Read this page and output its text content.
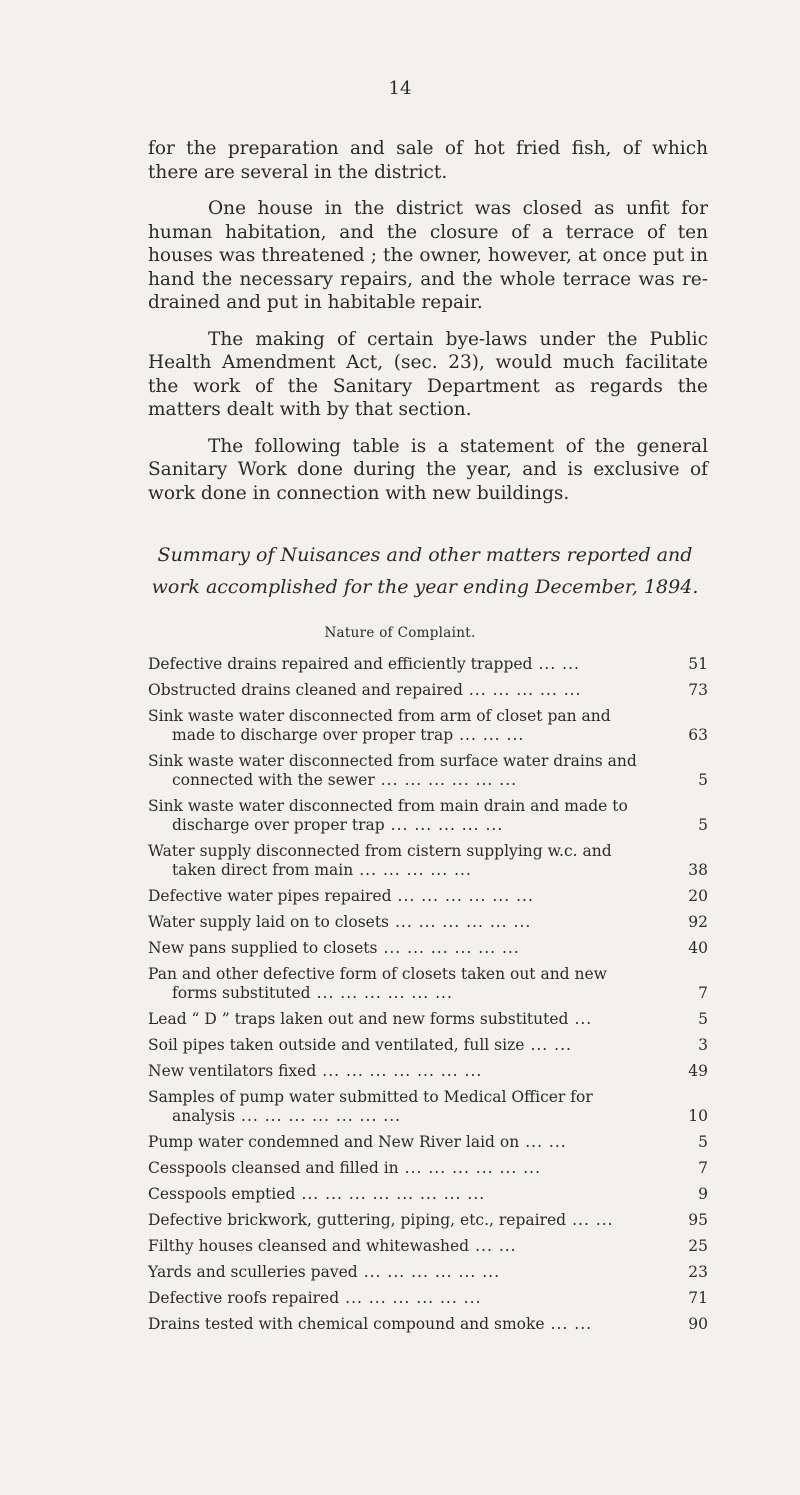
14

for the preparation and sale of hot fried fish, of which there are several in the district.

One house in the district was closed as unfit for human habitation, and the closure of a terrace of ten houses was threatened ; the owner, however, at once put in hand the necessary repairs, and the whole terrace was re-drained and put in habitable repair.

The making of certain bye-laws under the Public Health Amendment Act, (sec. 23), would much facilitate the work of the Sanitary Department as regards the matters dealt with by that section.

The following table is a statement of the general Sanitary Work done during the year, and is exclusive of work done in connection with new buildings.

Summary of Nuisances and other matters reported and work accomplished for the year ending December, 1894.
Nature of Complaint.
Defective drains repaired and efficiently trapped ... ...	51
Obstructed drains cleaned and repaired ... ... ... ... ...	73
Sink waste water disconnected from arm of closet pan and made to discharge over proper trap ... ... ...	63
Sink waste water disconnected from surface water drains and connected with the sewer ... ... ... ... ... ...	5
Sink waste water disconnected from main drain and made to discharge over proper trap ... ... ... ... ...	5
Water supply disconnected from cistern supplying w.c. and taken direct from main ... ... ... ... ...	38
Defective water pipes repaired ... ... ... ... ... ...	20
Water supply laid on to closets ... ... ... ... ... ...	92
New pans supplied to closets ... ... ... ... ... ...	40
Pan and other defective form of closets taken out and new forms substituted ... ... ... ... ... ...	7
Lead “ D ” traps laken out and new forms substituted ...	5
Soil pipes taken outside and ventilated, full size ... ...	3
New ventilators fixed ... ... ... ... ... ... ...	49
Samples of pump water submitted to Medical Officer for analysis ... ... ... ... ... ... ...	10
Pump water condemned and New River laid on ... ...	5
Cesspools cleansed and filled in ... ... ... ... ... ...	7
Cesspools emptied ... ... ... ... ... ... ... ...	9
Defective brickwork, guttering, piping, etc., repaired ... ...	95
Filthy houses cleansed and whitewashed ... ...	25
Yards and sculleries paved ... ... ... ... ... ...	23
Defective roofs repaired ... ... ... ... ... ...	71
Drains tested with chemical compound and smoke ... ...	90
